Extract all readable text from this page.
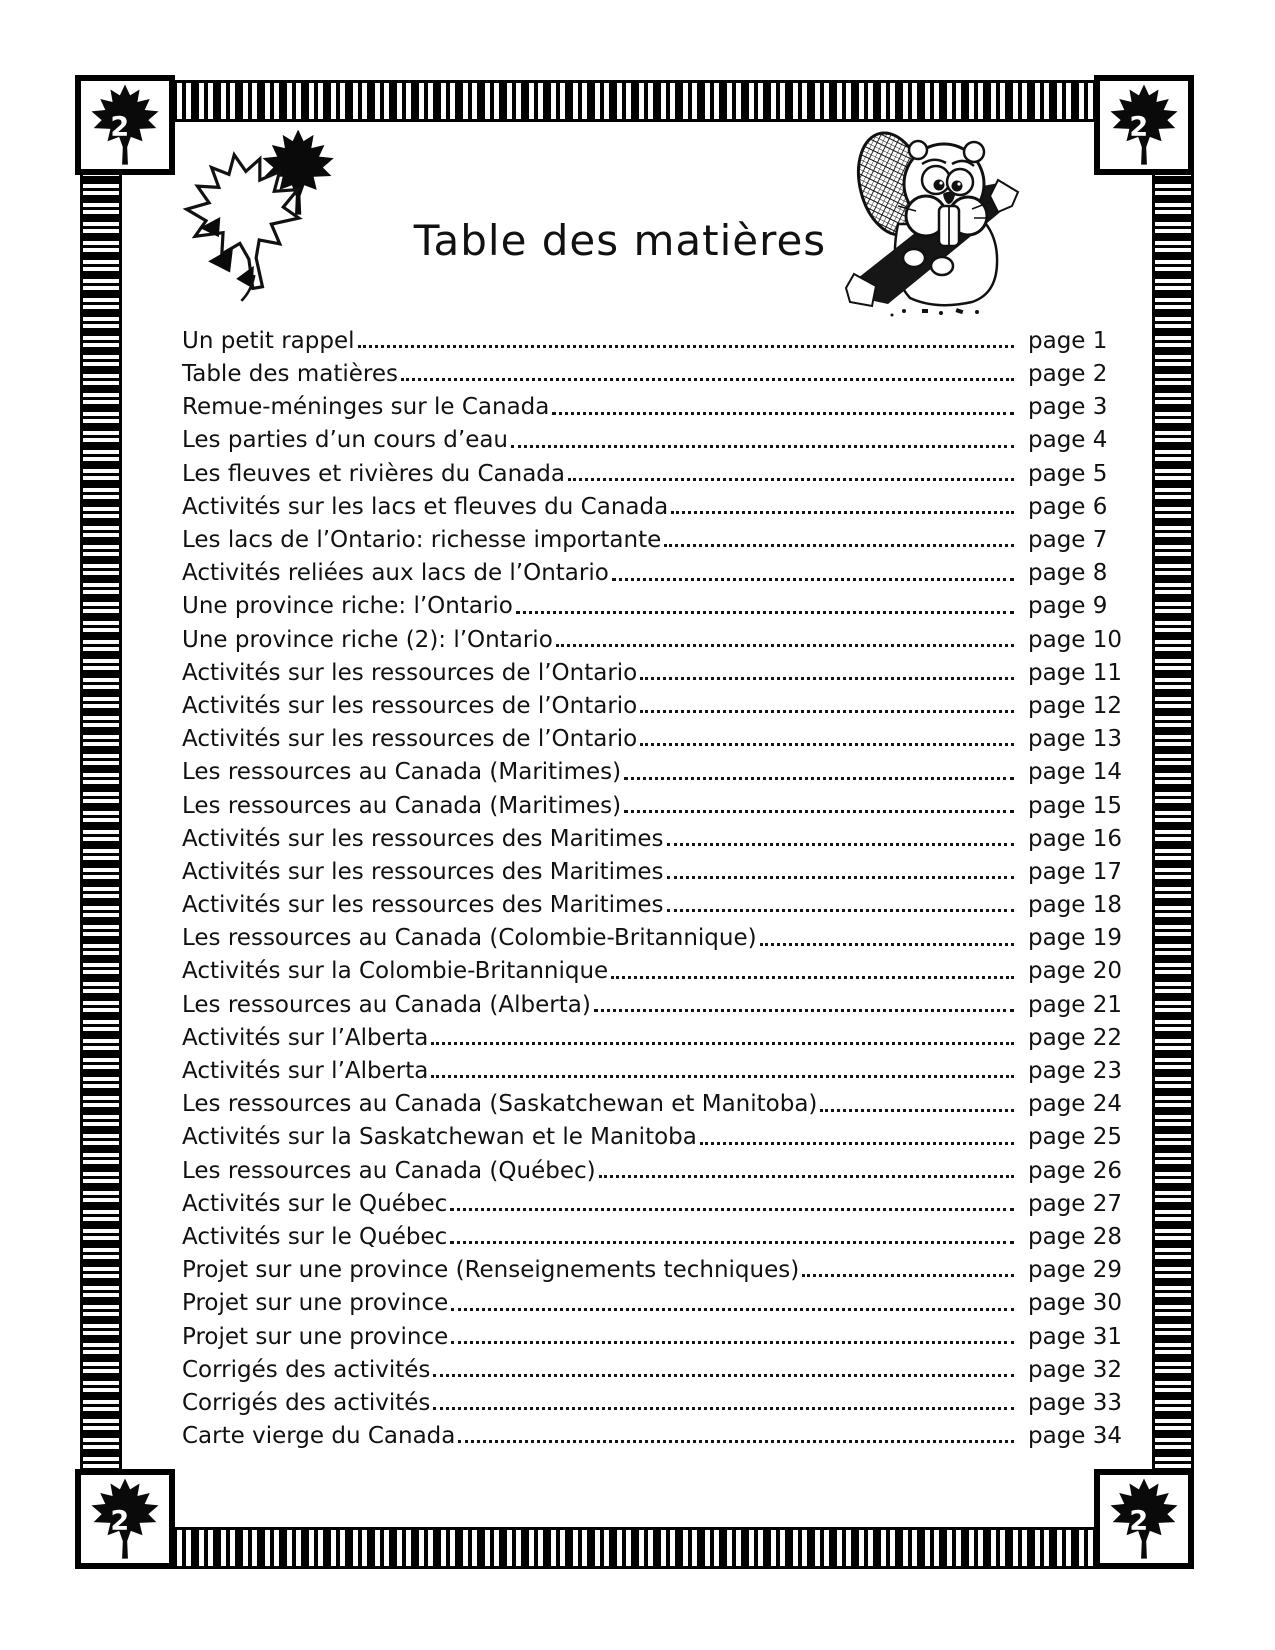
2	2
2	2
Table des matières
Un petit rappel	page 1
Table des matières	page 2
Remue-méninges sur le Canada	page 3
Les parties d’un cours d’eau	page 4
Les fleuves et rivières du Canada	page 5
Activités sur les lacs et fleuves du Canada	page 6
Les lacs de l’Ontario: richesse importante	page 7
Activités reliées aux lacs de l’Ontario	page 8
Une province riche: l’Ontario	page 9
Une province riche (2): l’Ontario	page 10
Activités sur les ressources de l’Ontario	page 11
Activités sur les ressources de l’Ontario	page 12
Activités sur les ressources de l’Ontario	page 13
Les ressources au Canada (Maritimes)	page 14
Les ressources au Canada (Maritimes)	page 15
Activités sur les ressources des Maritimes	page 16
Activités sur les ressources des Maritimes	page 17
Activités sur les ressources des Maritimes	page 18
Les ressources au Canada (Colombie-Britannique)	page 19
Activités sur la Colombie-Britannique	page 20
Les ressources au Canada (Alberta)	page 21
Activités sur l’Alberta	page 22
Activités sur l’Alberta	page 23
Les ressources au Canada (Saskatchewan et Manitoba)	page 24
Activités sur la Saskatchewan et le Manitoba	page 25
Les ressources au Canada (Québec)	page 26
Activités sur le Québec	page 27
Activités sur le Québec	page 28
Projet sur une province (Renseignements techniques)	page 29
Projet sur une province	page 30
Projet sur une province	page 31
Corrigés des activités	page 32
Corrigés des activités	page 33
Carte vierge du Canada	page 34
